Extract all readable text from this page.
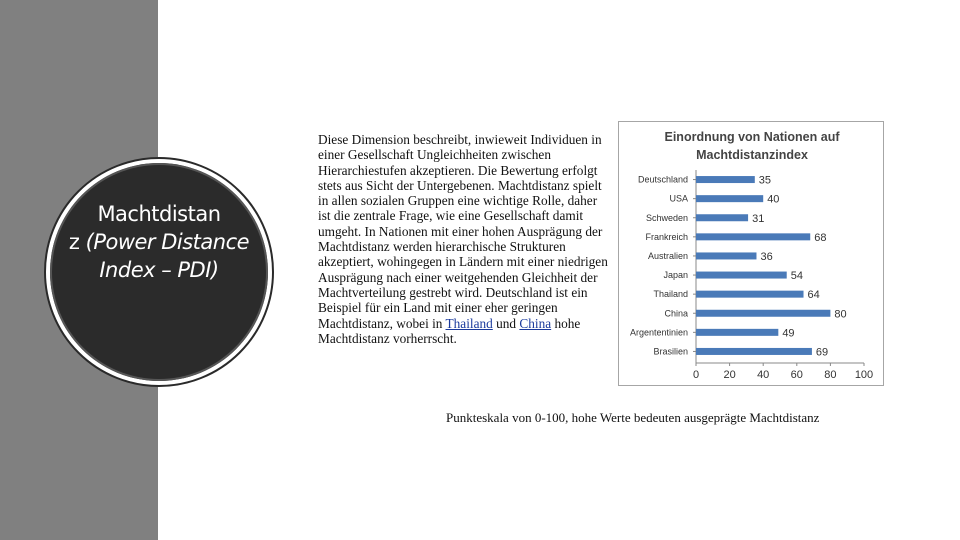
Machtdistan
z (Power Distance Index – PDI)
Diese Dimension beschreibt, inwieweit Individuen in einer Gesellschaft Ungleichheiten zwischen Hierarchiestufen akzeptieren. Die Bewertung erfolgt stets aus Sicht der Untergebenen. Machtdistanz spielt in allen sozialen Gruppen eine wichtige Rolle, daher ist die zentrale Frage, wie eine Gesellschaft damit umgeht. In Nationen mit einer hohen Ausprägung der Machtdistanz werden hierarchische Strukturen akzeptiert, wohingegen in Ländern mit einer niedrigen Ausprägung nach einer weitgehenden Gleichheit der Machtverteilung gestrebt wird. Deutschland ist ein Beispiel für ein Land mit einer eher geringen Machtdistanz, wobei in Thailand und China hohe Machtdistanz vorherrscht.
Einordnung von Nationen auf
Machtdistanzindex
Deutschland	35
USA	40
Schweden	31
Frankreich	68
Australien	36
Japan	54
Thailand	64
China	80
Argententinien	49
Brasilien	69
0 20 40 60 80 100
Punkteskala von 0-100, hohe Werte bedeuten ausgeprägte Machtdistanz
